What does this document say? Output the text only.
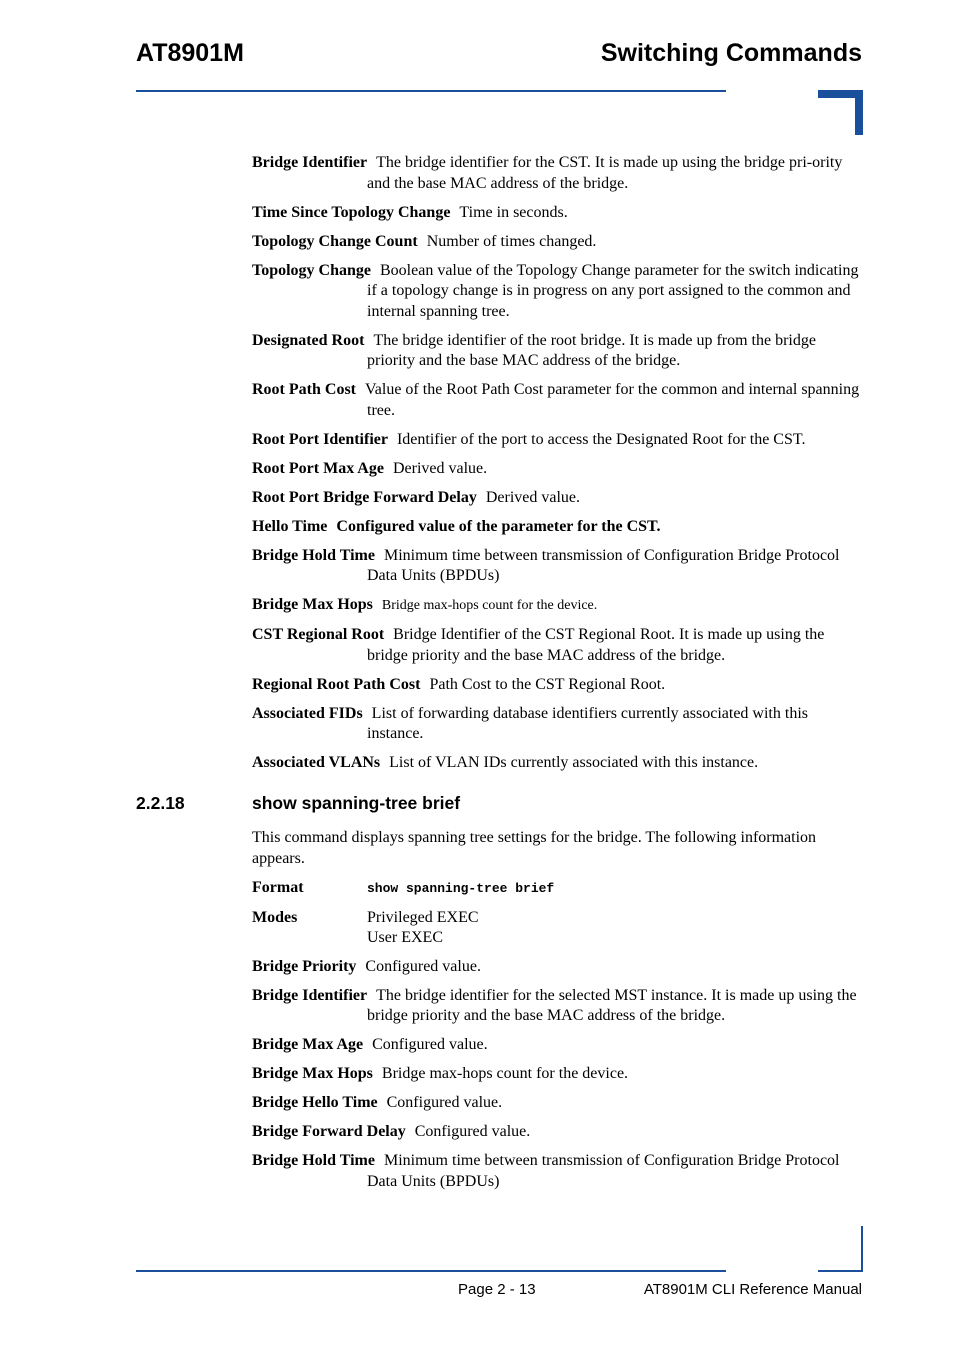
AT8901M	Switching Commands

Bridge Identifier The bridge identifier for the CST. It is made up using the bridge pri-ority and the base MAC address of the bridge.

Time Since Topology Change Time in seconds.

Topology Change Count Number of times changed.

Topology Change Boolean value of the Topology Change parameter for the switch indicating if a topology change is in progress on any port assigned to the common and internal spanning tree.

Designated Root The bridge identifier of the root bridge. It is made up from the bridge priority and the base MAC address of the bridge.

Root Path Cost Value of the Root Path Cost parameter for the common and internal spanning tree.

Root Port Identifier Identifier of the port to access the Designated Root for the CST.

Root Port Max Age Derived value.

Root Port Bridge Forward Delay Derived value.

Hello Time Configured value of the parameter for the CST.

Bridge Hold Time Minimum time between transmission of Configuration Bridge Protocol Data Units (BPDUs)

Bridge Max Hops Bridge max-hops count for the device.

CST Regional Root Bridge Identifier of the CST Regional Root. It is made up using the bridge priority and the base MAC address of the bridge.

Regional Root Path Cost Path Cost to the CST Regional Root.

Associated FIDs List of forwarding database identifiers currently associated with this instance.

Associated VLANs List of VLAN IDs currently associated with this instance.

2.2.18	show spanning-tree brief

This command displays spanning tree settings for the bridge. The following information appears.

Format	show spanning-tree brief
Modes	Privileged EXEC
User EXEC

Bridge Priority Configured value.

Bridge Identifier The bridge identifier for the selected MST instance. It is made up using the bridge priority and the base MAC address of the bridge.

Bridge Max Age Configured value.

Bridge Max Hops Bridge max-hops count for the device.

Bridge Hello Time Configured value.

Bridge Forward Delay Configured value.

Bridge Hold Time Minimum time between transmission of Configuration Bridge Protocol Data Units (BPDUs)

Page 2 - 13	AT8901M CLI Reference Manual
